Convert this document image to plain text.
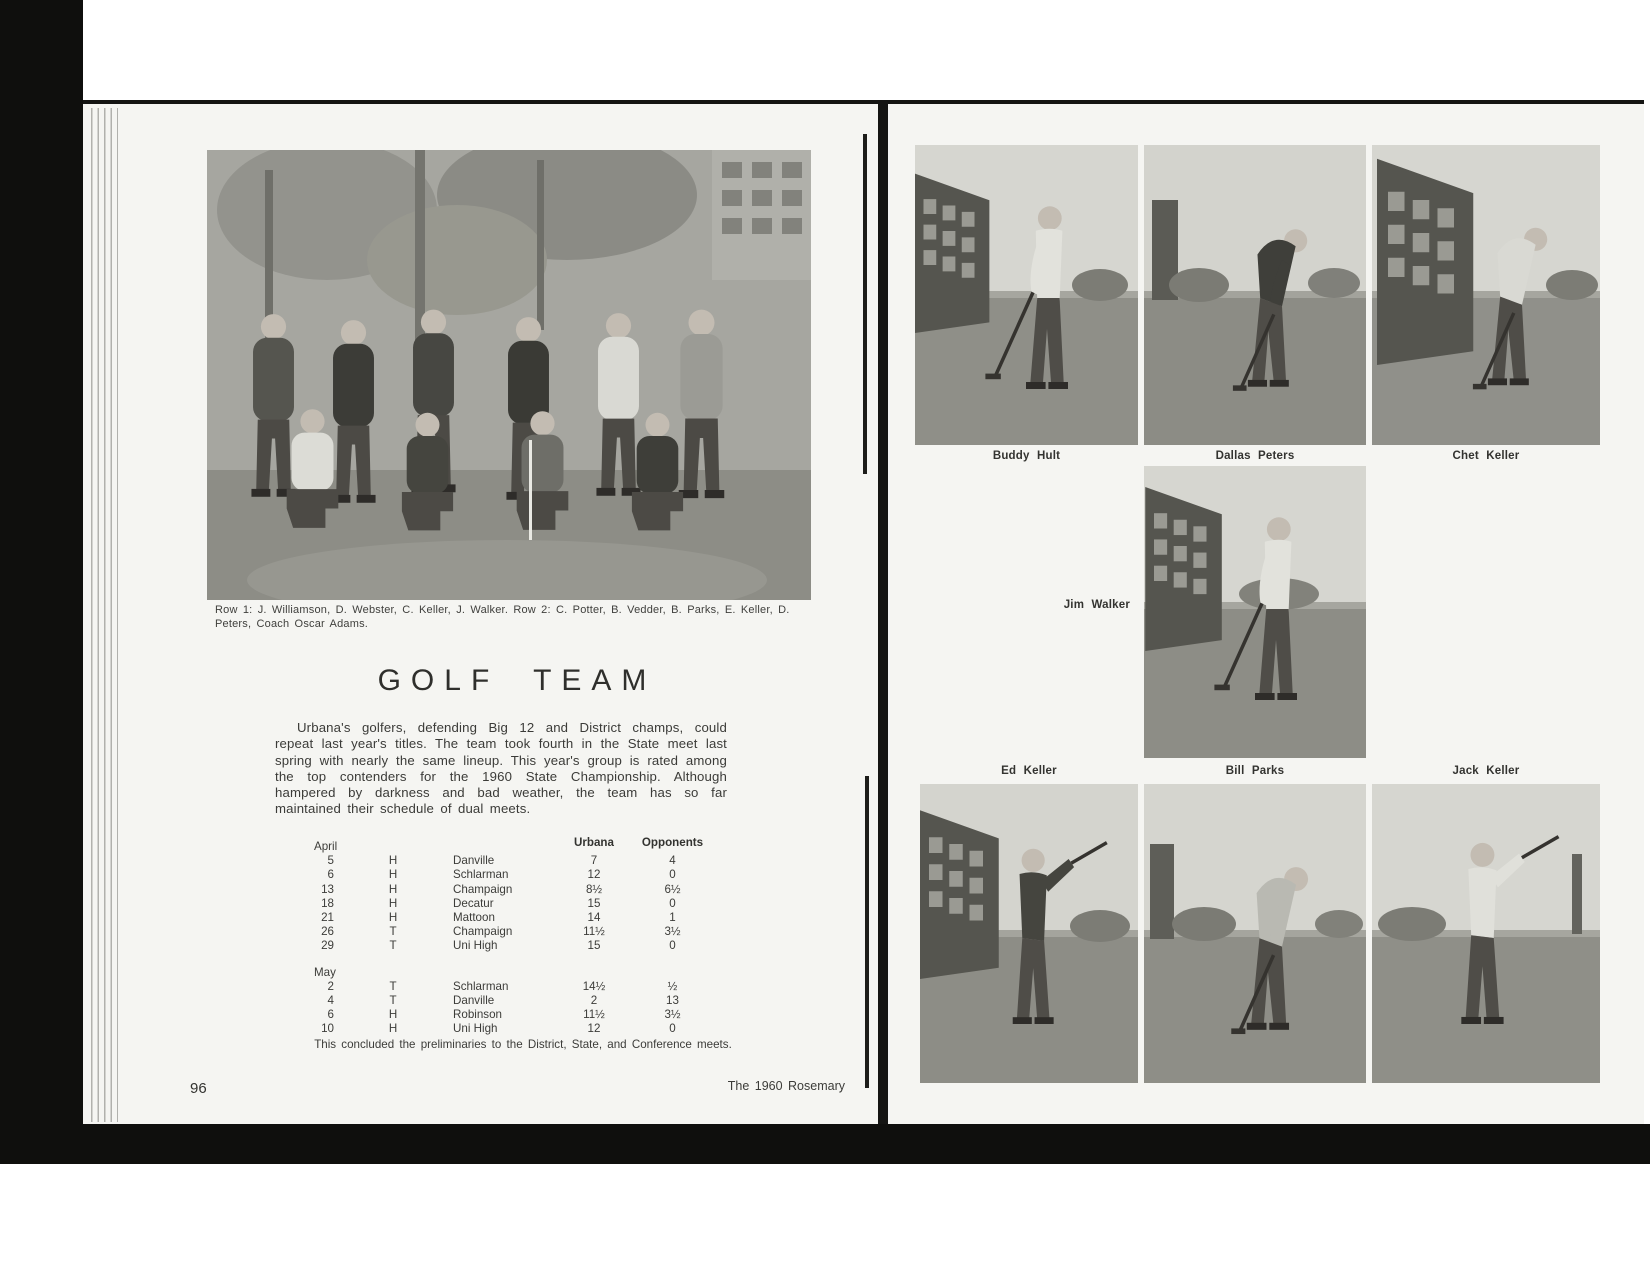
Row 1: J. Williamson, D. Webster, C. Keller, J. Walker. Row 2: C. Potter, B. Vedder, B. Parks, E. Keller, D. Peters, Coach Oscar Adams.
GOLF TEAM

Urbana's golfers, defending Big 12 and District champs, could repeat last year's titles. The team took fourth in the State meet last spring with nearly the same lineup. This year's group is rated among the top contenders for the 1960 State Championship. Although hampered by darkness and bad weather, the team has so far maintained their schedule of dual meets.

Urbana	Opponents
April
5	H	Danville	7	4
6	H	Schlarman	12	0
13	H	Champaign	8½	6½
18	H	Decatur	15	0
21	H	Mattoon	14	1
26	T	Champaign	11½	3½
29	T	Uni High	15	0
May
2	T	Schlarman	14½	½
4	T	Danville	2	13
6	H	Robinson	11½	3½
10	H	Uni High	12	0
This concluded the preliminaries to the District, State, and Conference meets.
96	The 1960 Rosemary
Buddy Hult	Dallas Peters	Chet Keller
Jim Walker
Ed Keller	Bill Parks	Jack Keller
